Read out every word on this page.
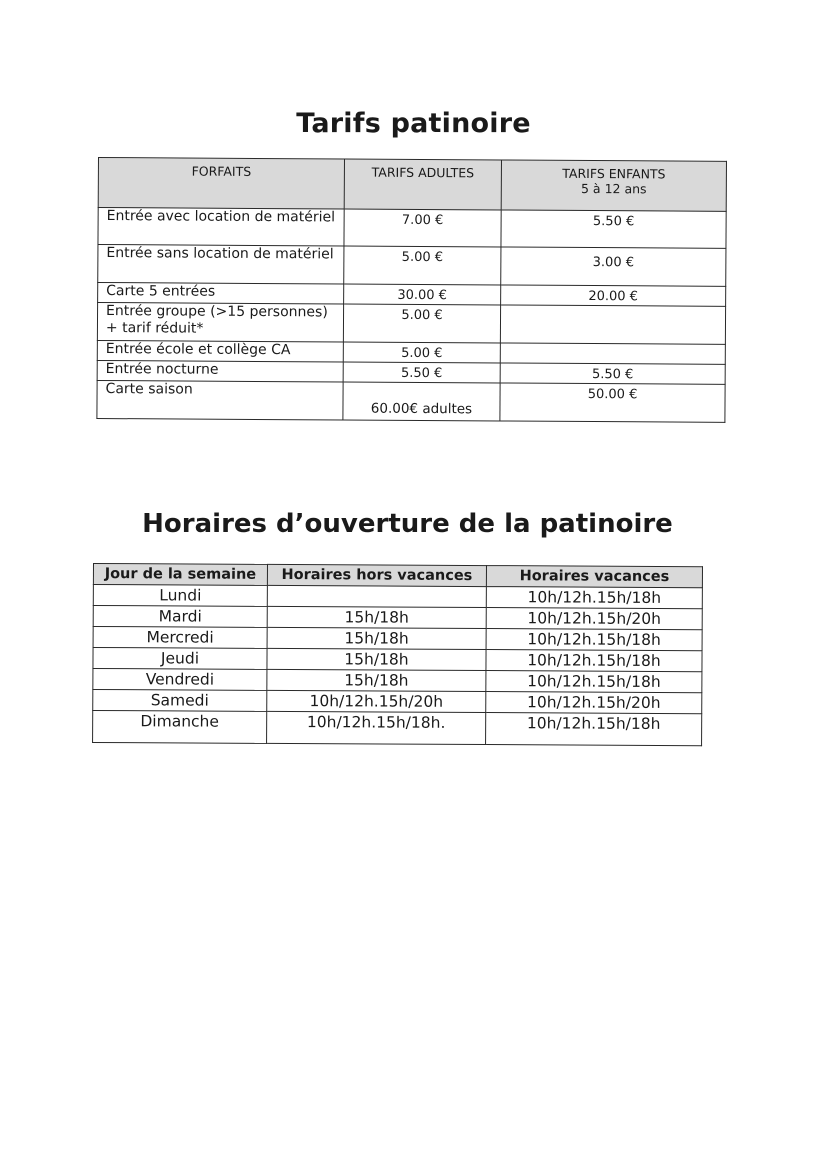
Tarifs patinoire
FORFAITS	TARIFS ADULTES	TARIFS ENFANTS
5 à 12 ans

Entrée avec location de matériel	7.00 €	5.50 €
Entrée sans location de matériel	5.00 €	3.00 €
Carte 5 entrées	30.00 €	20.00 €
Entrée groupe (>15 personnes) + tarif réduit*	5.00 €	
Entrée école et collège CA	5.00 €	
Entrée nocturne	5.50 €	5.50 €
Carte saison	60.00€ adultes	50.00 €
Horaires d’ouverture de la patinoire
Jour de la semaine	Horaires hors vacances	Horaires vacances
Lundi		10h/12h.15h/18h
Mardi	15h/18h	10h/12h.15h/20h
Mercredi	15h/18h	10h/12h.15h/18h
Jeudi	15h/18h	10h/12h.15h/18h
Vendredi	15h/18h	10h/12h.15h/18h
Samedi	10h/12h.15h/20h	10h/12h.15h/20h
Dimanche	10h/12h.15h/18h.	10h/12h.15h/18h
